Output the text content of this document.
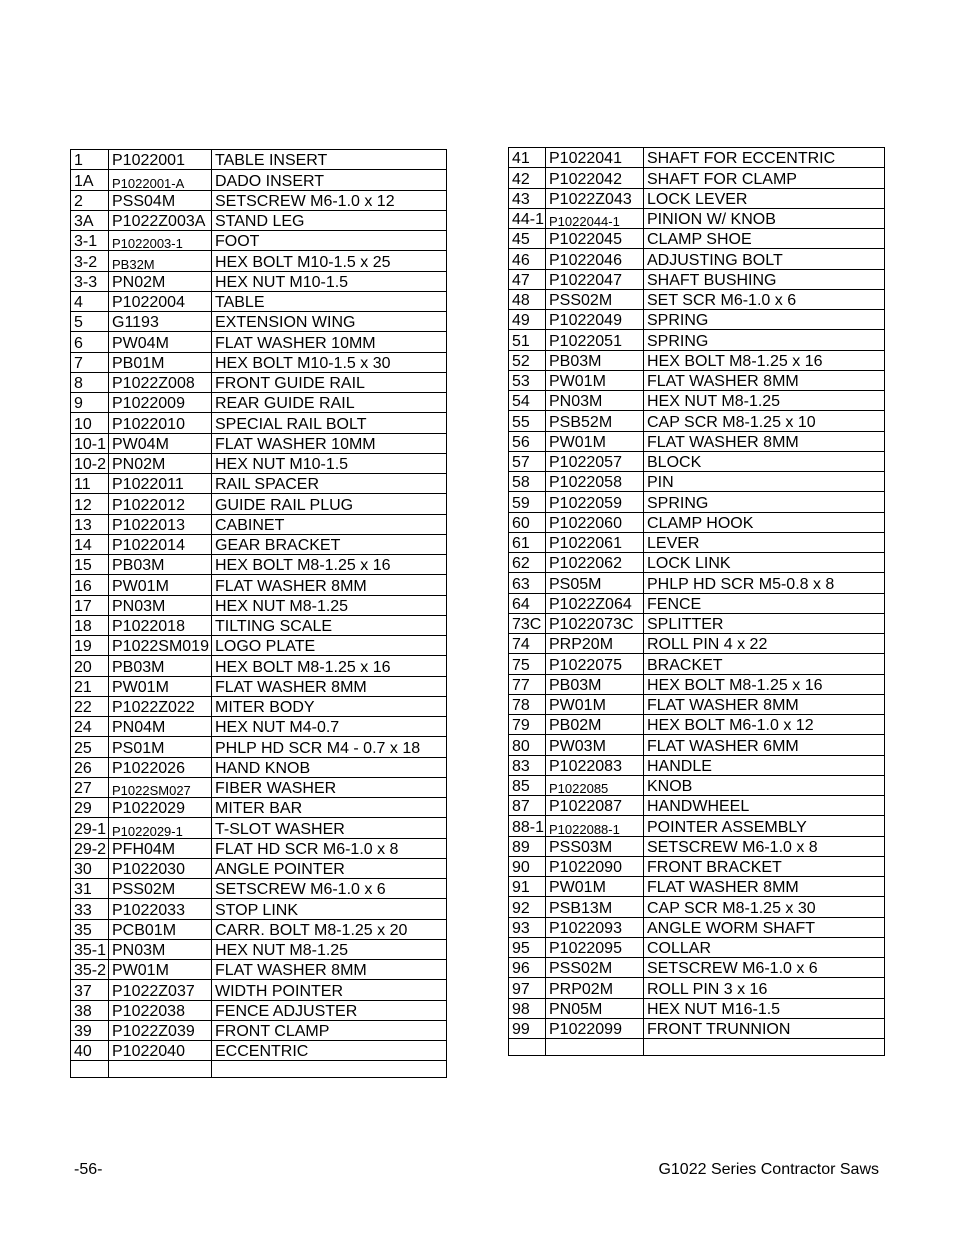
1	P1022001	TABLE INSERT
1A	P1022001-A	DADO INSERT
2	PSS04M	SETSCREW M6-1.0 x 12
3A	P1022Z003A	STAND LEG
3-1	P1022003-1	FOOT
3-2	PB32M	HEX BOLT M10-1.5 x 25
3-3	PN02M	HEX NUT M10-1.5
4	P1022004	TABLE
5	G1193	EXTENSION WING
6	PW04M	FLAT WASHER 10MM
7	PB01M	HEX BOLT M10-1.5 x 30
8	P1022Z008	FRONT GUIDE RAIL
9	P1022009	REAR GUIDE RAIL
10	P1022010	SPECIAL RAIL BOLT
10-1	PW04M	FLAT WASHER 10MM
10-2	PN02M	HEX NUT M10-1.5
11	P1022011	RAIL SPACER
12	P1022012	GUIDE RAIL PLUG
13	P1022013	CABINET
14	P1022014	GEAR BRACKET
15	PB03M	HEX BOLT M8-1.25 x 16
16	PW01M	FLAT WASHER 8MM
17	PN03M	HEX NUT M8-1.25
18	P1022018	TILTING SCALE
19	P1022SM019	LOGO PLATE
20	PB03M	HEX BOLT M8-1.25 x 16
21	PW01M	FLAT WASHER 8MM
22	P1022Z022	MITER BODY
24	PN04M	HEX NUT M4-0.7
25	PS01M	PHLP HD SCR M4 - 0.7 x 18
26	P1022026	HAND KNOB
27	P1022SM027	FIBER WASHER
29	P1022029	MITER BAR
29-1	P1022029-1	T-SLOT WASHER
29-2	PFH04M	FLAT HD SCR M6-1.0 x 8
30	P1022030	ANGLE POINTER
31	PSS02M	SETSCREW M6-1.0 x 6
33	P1022033	STOP LINK
35	PCB01M	CARR. BOLT M8-1.25 x 20
35-1	PN03M	HEX NUT M8-1.25
35-2	PW01M	FLAT WASHER 8MM
37	P1022Z037	WIDTH POINTER
38	P1022038	FENCE ADJUSTER
39	P1022Z039	FRONT CLAMP
40	P1022040	ECCENTRIC

41	P1022041	SHAFT FOR ECCENTRIC
42	P1022042	SHAFT FOR CLAMP
43	P1022Z043	LOCK LEVER
44-1	P1022044-1	PINION W/ KNOB
45	P1022045	CLAMP SHOE
46	P1022046	ADJUSTING BOLT
47	P1022047	SHAFT BUSHING
48	PSS02M	SET SCR M6-1.0 x 6
49	P1022049	SPRING
51	P1022051	SPRING
52	PB03M	HEX BOLT M8-1.25 x 16
53	PW01M	FLAT WASHER 8MM
54	PN03M	HEX NUT M8-1.25
55	PSB52M	CAP SCR M8-1.25 x 10
56	PW01M	FLAT WASHER 8MM
57	P1022057	BLOCK
58	P1022058	PIN
59	P1022059	SPRING
60	P1022060	CLAMP HOOK
61	P1022061	LEVER
62	P1022062	LOCK LINK
63	PS05M	PHLP HD SCR M5-0.8 x 8
64	P1022Z064	FENCE
73C	P1022073C	SPLITTER
74	PRP20M	ROLL PIN 4 x 22
75	P1022075	BRACKET
77	PB03M	HEX BOLT M8-1.25 x 16
78	PW01M	FLAT WASHER 8MM
79	PB02M	HEX BOLT M6-1.0 x 12
80	PW03M	FLAT WASHER 6MM
83	P1022083	HANDLE
85	P1022085	KNOB
87	P1022087	HANDWHEEL
88-1	P1022088-1	POINTER ASSEMBLY
89	PSS03M	SETSCREW M6-1.0 x 8
90	P1022090	FRONT BRACKET
91	PW01M	FLAT WASHER 8MM
92	PSB13M	CAP SCR M8-1.25 x 30
93	P1022093	ANGLE WORM SHAFT
95	P1022095	COLLAR
96	PSS02M	SETSCREW M6-1.0 x 6
97	PRP02M	ROLL PIN 3 x 16
98	PN05M	HEX NUT M16-1.5
99	P1022099	FRONT TRUNNION

-56-	G1022 Series Contractor Saws
